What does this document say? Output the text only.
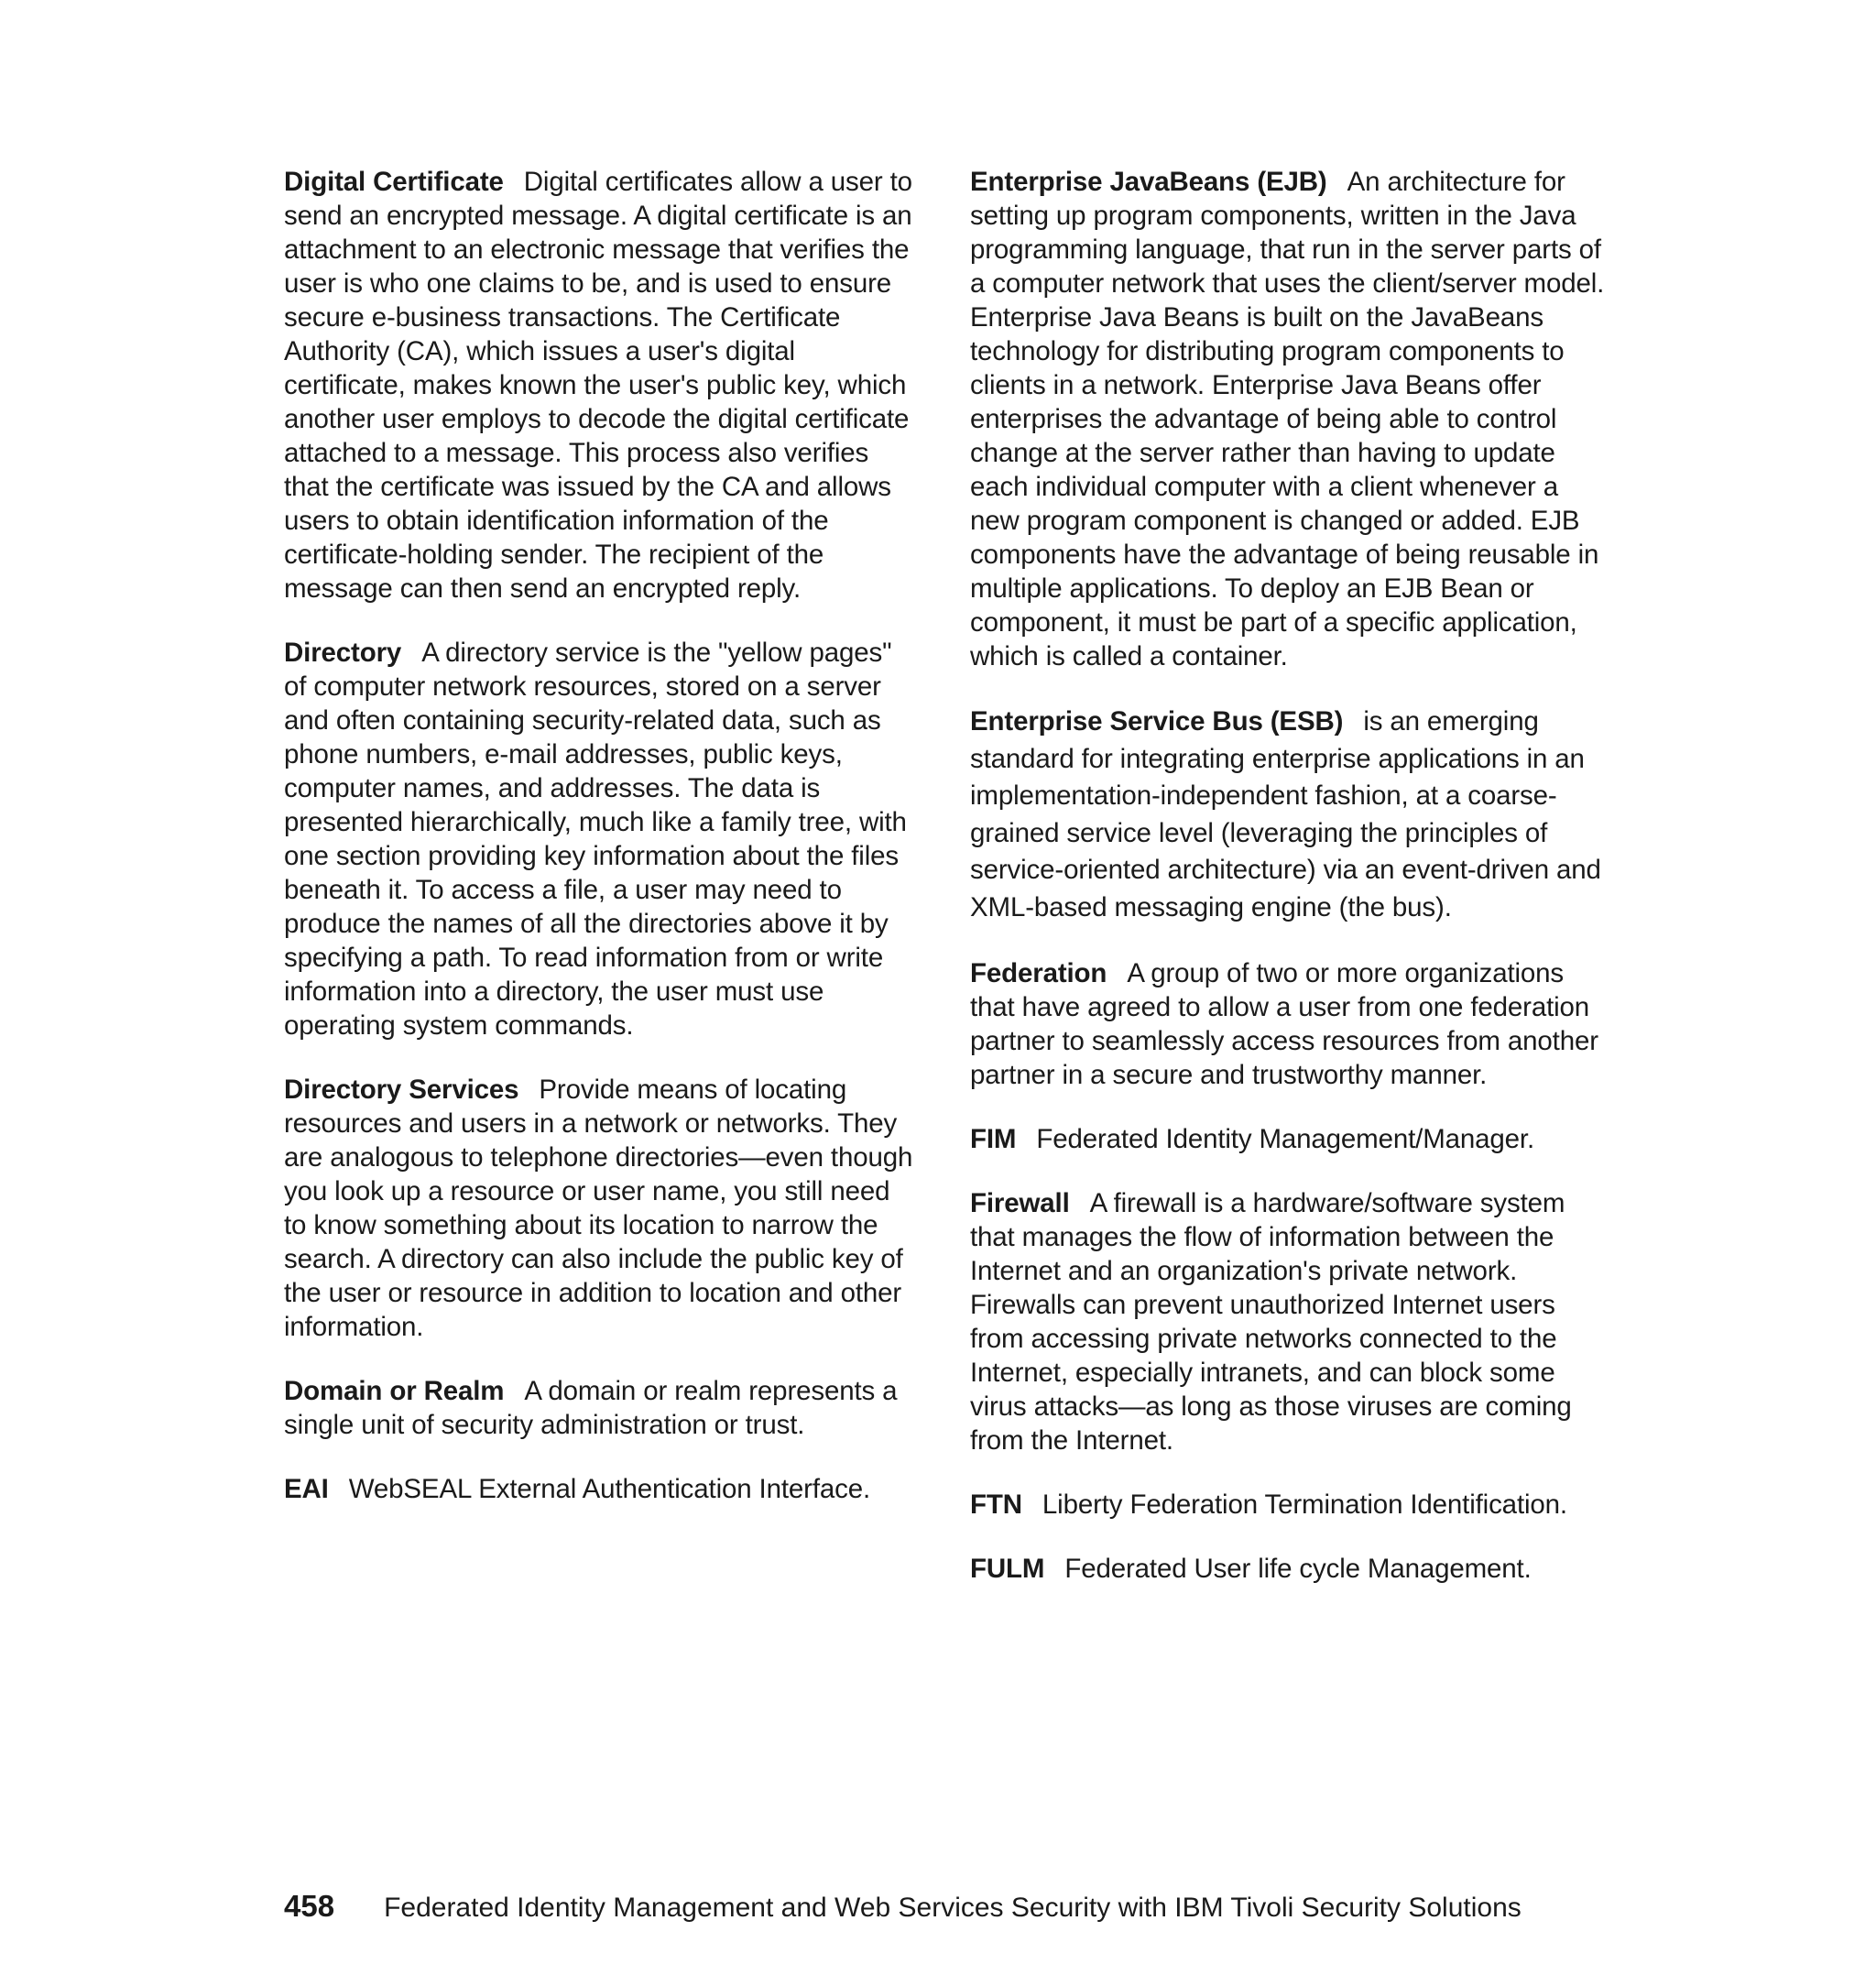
Digital Certificate Digital certificates allow a user to send an encrypted message. A digital certificate is an attachment to an electronic message that verifies the user is who one claims to be, and is used to ensure secure e-business transactions. The Certificate Authority (CA), which issues a user's digital certificate, makes known the user's public key, which another user employs to decode the digital certificate attached to a message. This process also verifies that the certificate was issued by the CA and allows users to obtain identification information of the certificate-holding sender. The recipient of the message can then send an encrypted reply.

Directory A directory service is the "yellow pages" of computer network resources, stored on a server and often containing security-related data, such as phone numbers, e-mail addresses, public keys, computer names, and addresses. The data is presented hierarchically, much like a family tree, with one section providing key information about the files beneath it. To access a file, a user may need to produce the names of all the directories above it by specifying a path. To read information from or write information into a directory, the user must use operating system commands.

Directory Services Provide means of locating resources and users in a network or networks. They are analogous to telephone directories—even though you look up a resource or user name, you still need to know something about its location to narrow the search. A directory can also include the public key of the user or resource in addition to location and other information.

Domain or Realm A domain or realm represents a single unit of security administration or trust.

EAI WebSEAL External Authentication Interface.

Enterprise JavaBeans (EJB) An architecture for setting up program components, written in the Java programming language, that run in the server parts of a computer network that uses the client/server model. Enterprise Java Beans is built on the JavaBeans technology for distributing program components to clients in a network. Enterprise Java Beans offer enterprises the advantage of being able to control change at the server rather than having to update each individual computer with a client whenever a new program component is changed or added. EJB components have the advantage of being reusable in multiple applications. To deploy an EJB Bean or component, it must be part of a specific application, which is called a container.

Enterprise Service Bus (ESB) is an emerging standard for integrating enterprise applications in an implementation-independent fashion, at a coarse-grained service level (leveraging the principles of service-oriented architecture) via an event-driven and XML-based messaging engine (the bus).

Federation A group of two or more organizations that have agreed to allow a user from one federation partner to seamlessly access resources from another partner in a secure and trustworthy manner.

FIM Federated Identity Management/Manager.

Firewall A firewall is a hardware/software system that manages the flow of information between the Internet and an organization's private network. Firewalls can prevent unauthorized Internet users from accessing private networks connected to the Internet, especially intranets, and can block some virus attacks—as long as those viruses are coming from the Internet.

FTN Liberty Federation Termination Identification.

FULM Federated User life cycle Management.

458 Federated Identity Management and Web Services Security with IBM Tivoli Security Solutions
